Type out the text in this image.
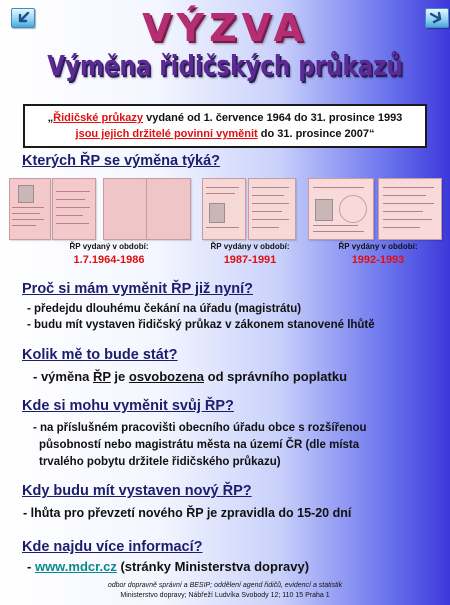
VÝZVA
Výměna řidičských průkazů
„Řidičské průkazy vydané od 1. července 1964 do 31. prosince 1993
jsou jejich držitelé povinni vyměnit do 31. prosince 2007“
Kterých ŘP se výměna týká?
ŘP vydaný v období:
1.7.1964-1986
ŘP vydány v období:
1987-1991
ŘP vydány v období:
1992-1993
Proč si mám vyměnit ŘP již nyní?
- předejdu dlouhému čekání na úřadu (magistrátu)
- budu mít vystaven řidičský průkaz v zákonem stanovené lhůtě
Kolik mě to bude stát?
- výměna ŘP je osvobozena od správního poplatku
Kde si mohu vyměnit svůj ŘP?
- na příslušném pracovišti obecního úřadu obce s rozšířenou
působností nebo magistrátu města na území ČR (dle místa
trvalého pobytu držitele řidičského průkazu)
Kdy budu mít vystaven nový ŘP?
- lhůta pro převzetí nového ŘP je zpravidla do 15-20 dní
Kde najdu více informací?
- www.mdcr.cz (stránky Ministerstva dopravy)
odbor dopravně správní a BESIP; oddělení agend řidičů, evidencí a statistik
Ministerstvo dopravy; Nábřeží Ludvíka Svobody 12; 110 15 Praha 1
